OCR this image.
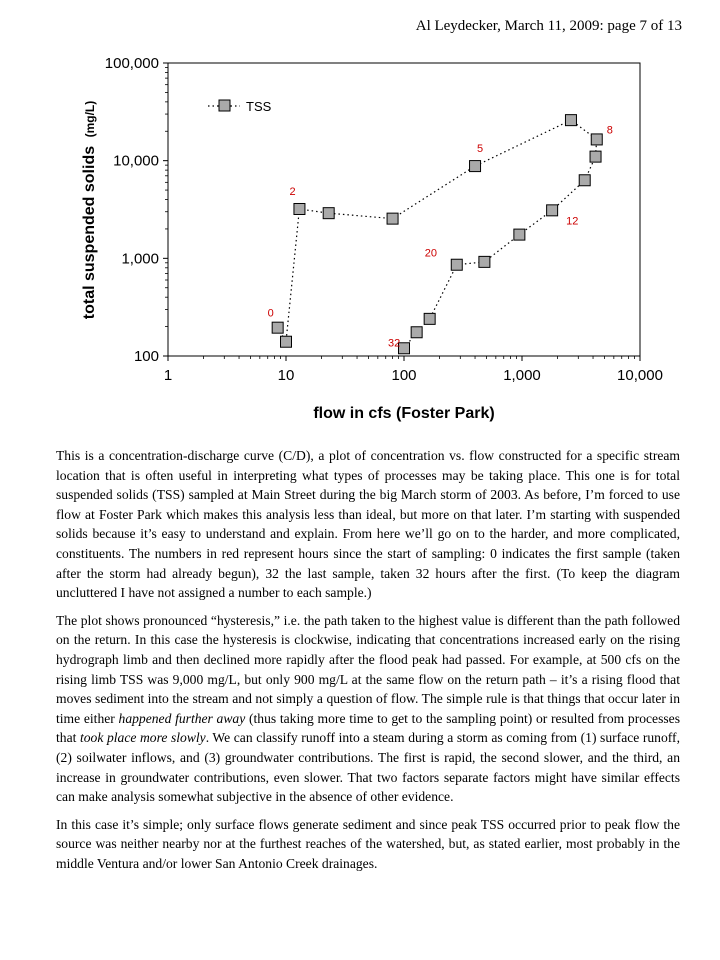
Al Leydecker, March 11, 2009: page 7 of 13
100
1,000
10,000
100,000
1	10	100	1,000	10,000
0
2
5
8
12
20
32
TSS
flow in cfs (Foster Park)
total suspended solids (mg/L)

This is a concentration-discharge curve (C/D), a plot of concentration vs. flow constructed for a specific stream location that is often useful in interpreting what types of processes may be taking place. This one is for total suspended solids (TSS) sampled at Main Street during the big March storm of 2003. As before, I’m forced to use flow at Foster Park which makes this analysis less than ideal, but more on that later. I’m starting with suspended solids because it’s easy to understand and explain. From here we’ll go on to the harder, and more complicated, constituents. The numbers in red represent hours since the start of sampling: 0 indicates the first sample (taken after the storm had already begun), 32 the last sample, taken 32 hours after the first. (To keep the diagram uncluttered I have not assigned a number to each sample.)

The plot shows pronounced “hysteresis,” i.e. the path taken to the highest value is different than the path followed on the return. In this case the hysteresis is clockwise, indicating that concentrations increased early on the rising hydrograph limb and then declined more rapidly after the flood peak had passed. For example, at 500 cfs on the rising limb TSS was 9,000 mg/L, but only 900 mg/L at the same flow on the return path – it’s a rising flood that moves sediment into the stream and not simply a question of flow. The simple rule is that things that occur later in time either happened further away (thus taking more time to get to the sampling point) or resulted from processes that took place more slowly. We can classify runoff into a steam during a storm as coming from (1) surface runoff, (2) soilwater inflows, and (3) groundwater contributions. The first is rapid, the second slower, and the third, an increase in groundwater contributions, even slower. That two factors separate factors might have similar effects can make analysis somewhat subjective in the absence of other evidence.

In this case it’s simple; only surface flows generate sediment and since peak TSS occurred prior to peak flow the source was neither nearby nor at the furthest reaches of the watershed, but, as stated earlier, most probably in the middle Ventura and/or lower San Antonio Creek drainages.
